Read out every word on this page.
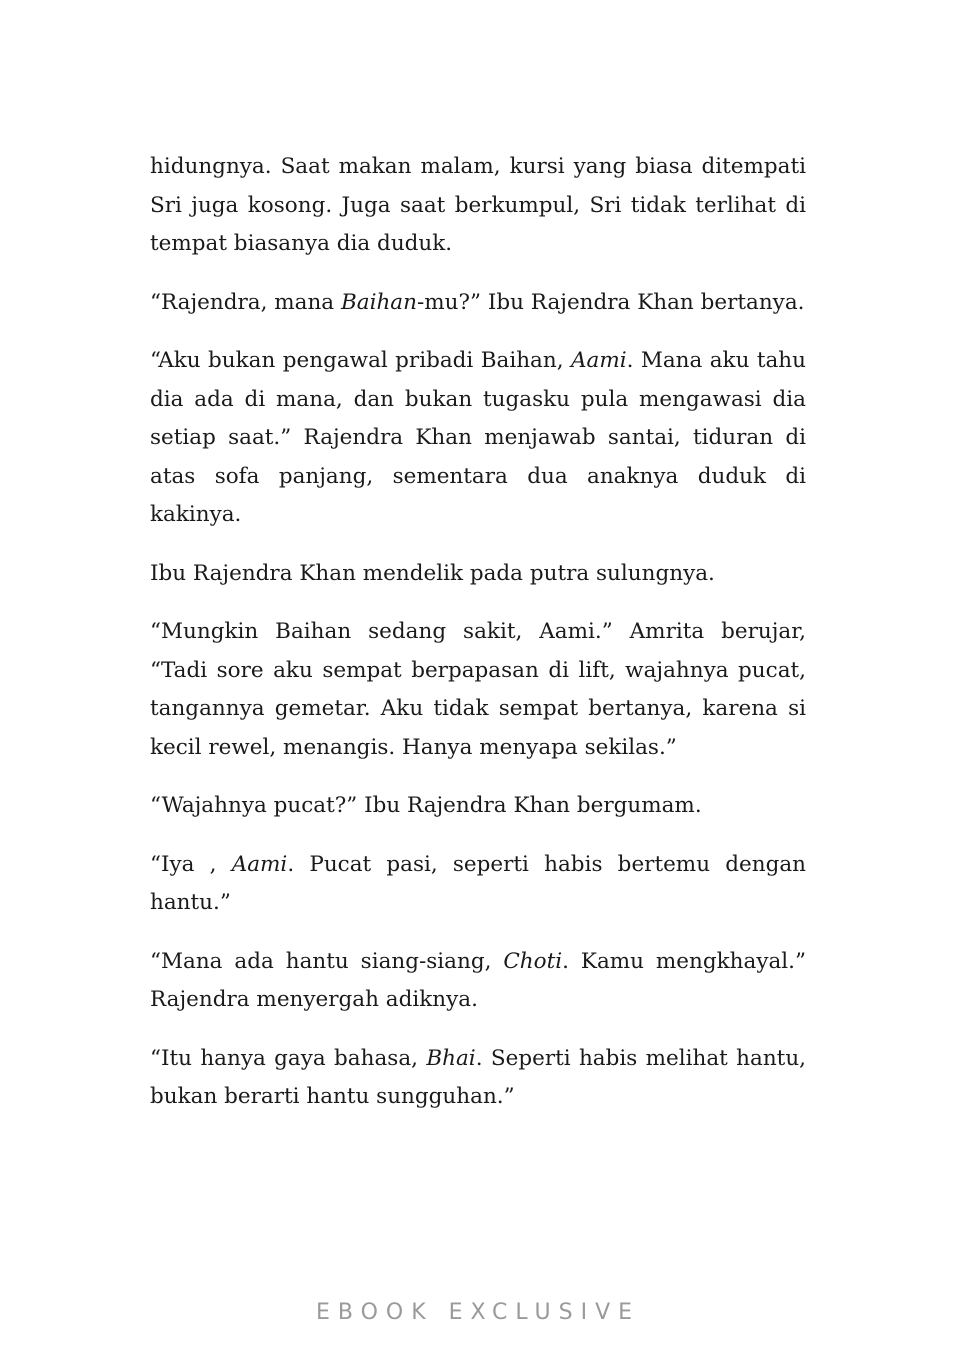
hidungnya. Saat makan malam, kursi yang biasa ditempati Sri juga kosong. Juga saat berkumpul, Sri tidak terlihat di tempat biasanya dia duduk.

“Rajendra, mana Baihan-mu?” Ibu Rajendra Khan bertanya.

“Aku bukan pengawal pribadi Baihan, Aami. Mana aku tahu dia ada di mana, dan bukan tugasku pula mengawasi dia setiap saat.” Rajendra Khan menjawab santai, tiduran di atas sofa panjang, sementara dua anaknya duduk di kakinya.

Ibu Rajendra Khan mendelik pada putra sulungnya.

“Mungkin Baihan sedang sakit, Aami.” Amrita berujar, “Tadi sore aku sempat berpapasan di lift, wajahnya pucat, tangannya gemetar. Aku tidak sempat bertanya, karena si kecil rewel, menangis. Hanya menyapa sekilas.”

“Wajahnya pucat?” Ibu Rajendra Khan bergumam.

“Iya , Aami. Pucat pasi, seperti habis bertemu dengan hantu.”

“Mana ada hantu siang-siang, Choti. Kamu mengkhayal.” Rajendra menyergah adiknya.

“Itu hanya gaya bahasa, Bhai. Seperti habis melihat hantu, bukan berarti hantu sungguhan.”

EBOOK EXCLUSIVE
